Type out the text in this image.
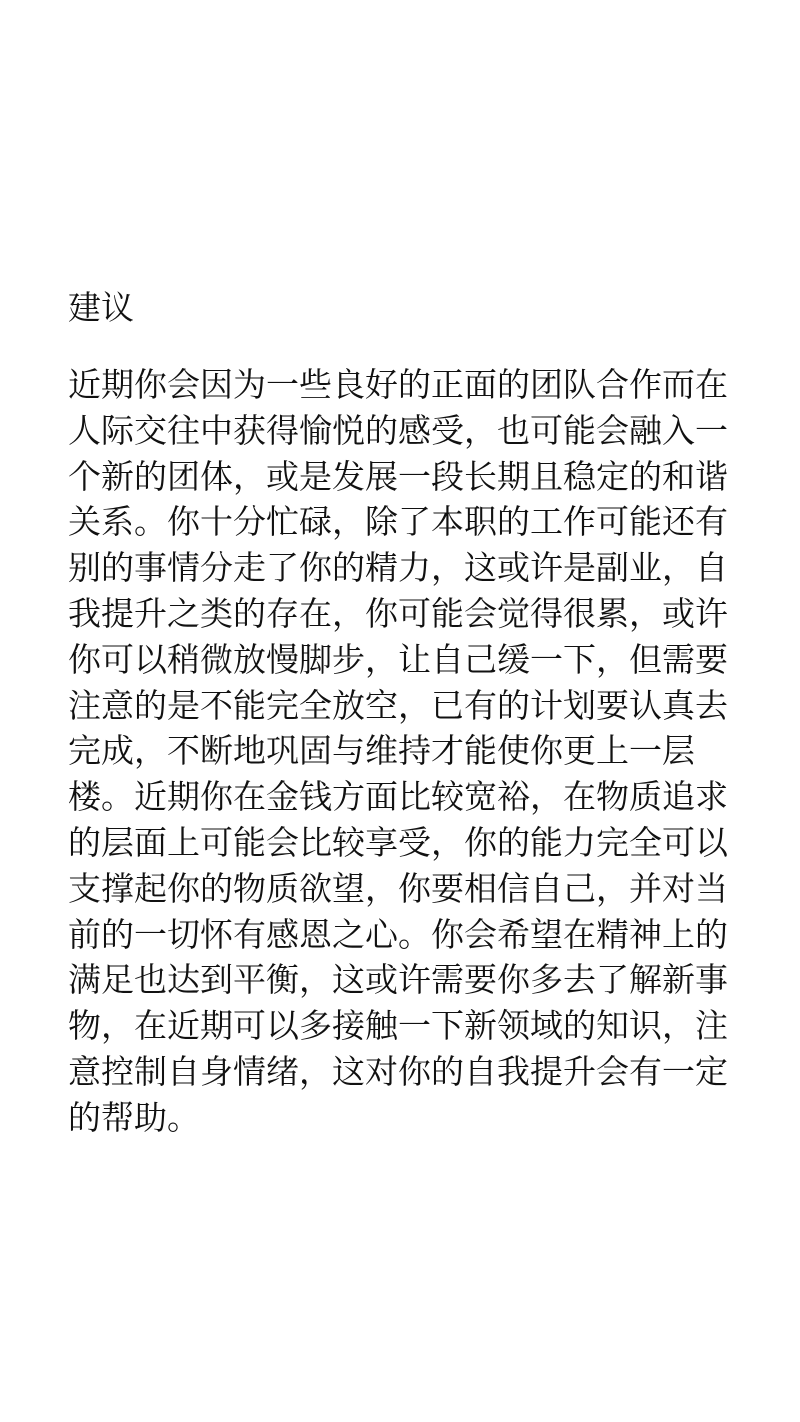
建议
近期你会因为一些良好的正面的团队合作而在
人际交往中获得愉悦的感受，也可能会融入一
个新的团体，或是发展一段长期且稳定的和谐
关系。你十分忙碌，除了本职的工作可能还有
别的事情分走了你的精力，这或许是副业，自
我提升之类的存在，你可能会觉得很累，或许
你可以稍微放慢脚步，让自己缓一下，但需要
注意的是不能完全放空，已有的计划要认真去
完成，不断地巩固与维持才能使你更上一层
楼。近期你在金钱方面比较宽裕，在物质追求
的层面上可能会比较享受，你的能力完全可以
支撑起你的物质欲望，你要相信自己，并对当
前的一切怀有感恩之心。你会希望在精神上的
满足也达到平衡，这或许需要你多去了解新事
物，在近期可以多接触一下新领域的知识，注
意控制自身情绪，这对你的自我提升会有一定
的帮助。
